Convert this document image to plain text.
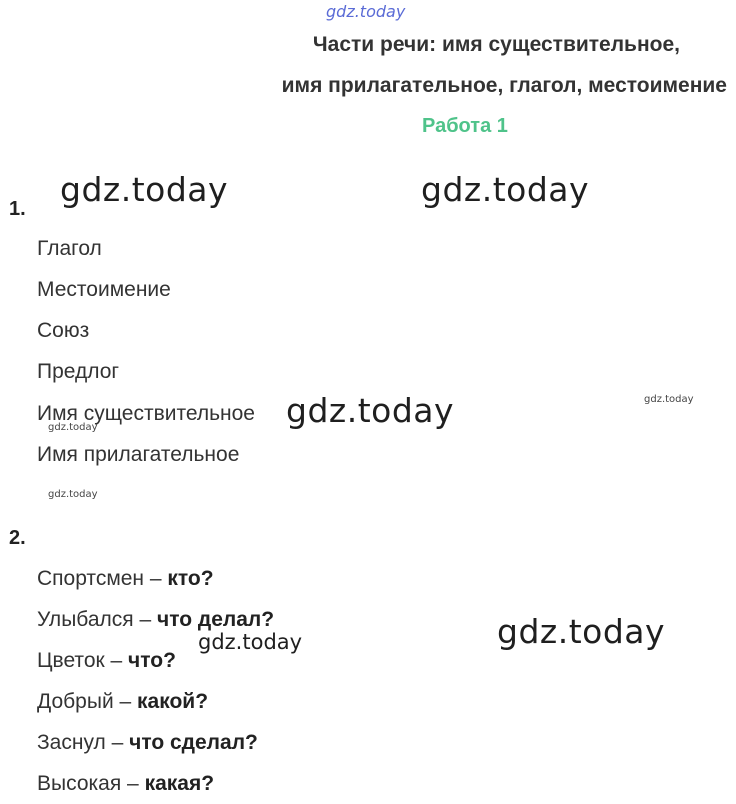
gdz.today
Части речи: имя существительное,
имя прилагательное, глагол, местоимение
Работа 1
gdz.today	gdz.today
1.
Глагол
Местоимение
Союз
Предлог
Имя существительное
Имя прилагательное
gdz.today	gdz.today
gdz.today
gdz.today
2.
Спортсмен – кто?
Улыбался – что делал?
Цветок – что?
Добрый – какой?
Заснул – что сделал?
Высокая – какая?
gdz.today	gdz.today
